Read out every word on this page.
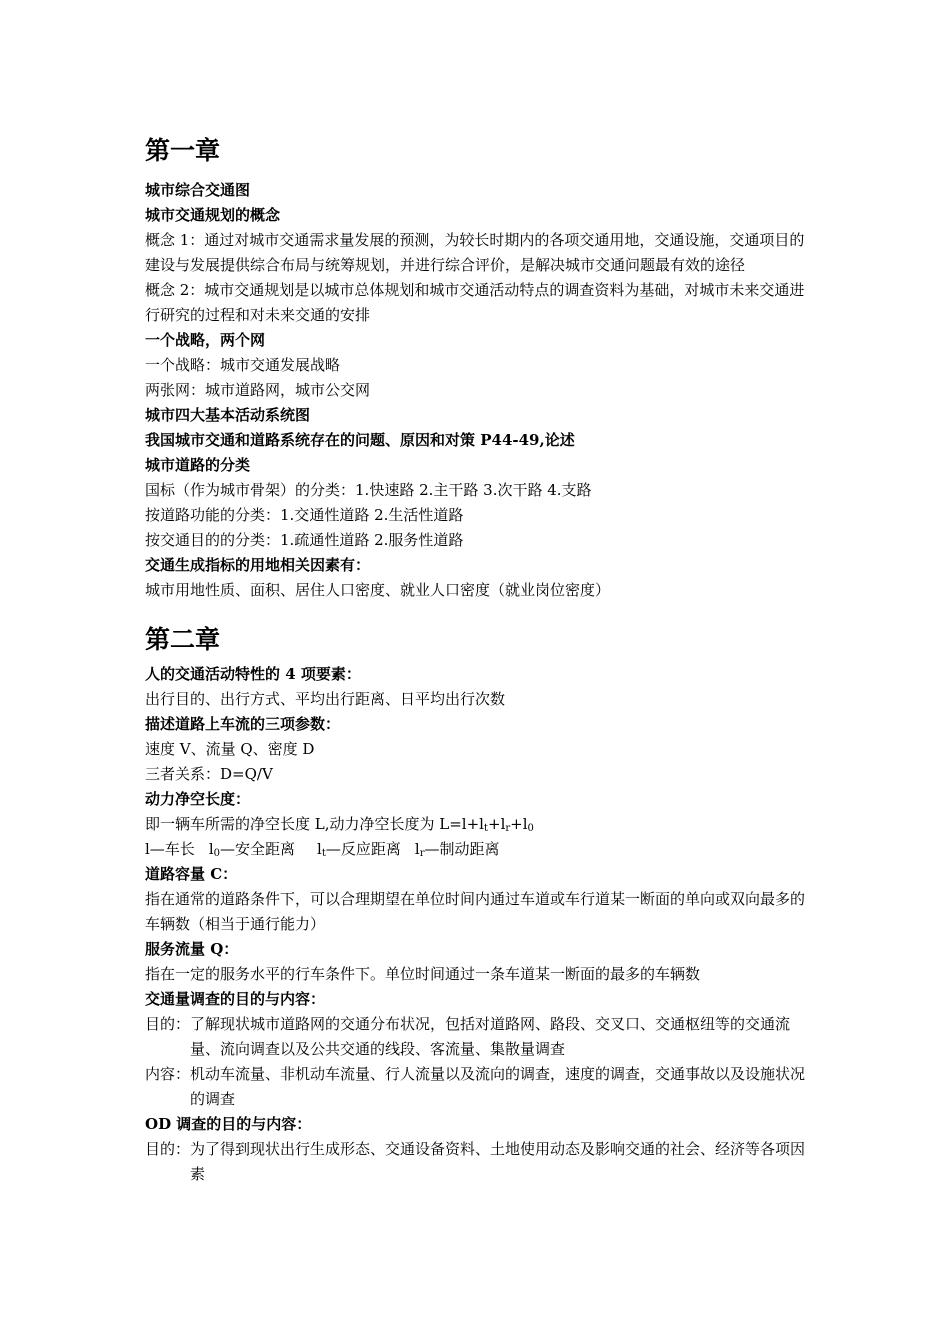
第一章
城市综合交通图
城市交通规划的概念
概念 1：通过对城市交通需求量发展的预测，为较长时期内的各项交通用地，交通设施，交通项目的建设与发展提供综合布局与统筹规划，并进行综合评价，是解决城市交通问题最有效的途径
概念 2：城市交通规划是以城市总体规划和城市交通活动特点的调查资料为基础，对城市未来交通进行研究的过程和对未来交通的安排
一个战略，两个网
一个战略：城市交通发展战略
两张网：城市道路网，城市公交网
城市四大基本活动系统图
我国城市交通和道路系统存在的问题、原因和对策 P44-49,论述
城市道路的分类
国标（作为城市骨架）的分类：1.快速路 2.主干路 3.次干路 4.支路
按道路功能的分类：1.交通性道路 2.生活性道路
按交通目的的分类：1.疏通性道路 2.服务性道路
交通生成指标的用地相关因素有：
城市用地性质、面积、居住人口密度、就业人口密度（就业岗位密度）
第二章
人的交通活动特性的 4 项要素：
出行目的、出行方式、平均出行距离、日平均出行次数
描述道路上车流的三项参数：
速度 V、流量 Q、密度 D
三者关系：D=Q/V
动力净空长度：
即一辆车所需的净空长度 L,动力净空长度为 $L=l+l_t+l_r+l_0$
l—车长 $l_0—$安全距离 $l_t—$反应距离 $l_r—$制动距离
道路容量 C：
指在通常的道路条件下，可以合理期望在单位时间内通过车道或车行道某一断面的单向或双向最多的车辆数（相当于通行能力）
服务流量 Q：
指在一定的服务水平的行车条件下。单位时间通过一条车道某一断面的最多的车辆数
交通量调查的目的与内容：
目的： 了解现状城市道路网的交通分布状况，包括对道路网、路段、交叉口、交通枢纽等的交通流量、流向调查以及公共交通的线段、客流量、集散量调查
内容： 机动车流量、非机动车流量、行人流量以及流向的调查，速度的调查，交通事故以及设施状况的调查
OD 调查的目的与内容：
目的： 为了得到现状出行生成形态、交通设备资料、土地使用动态及影响交通的社会、经济等各项因素
